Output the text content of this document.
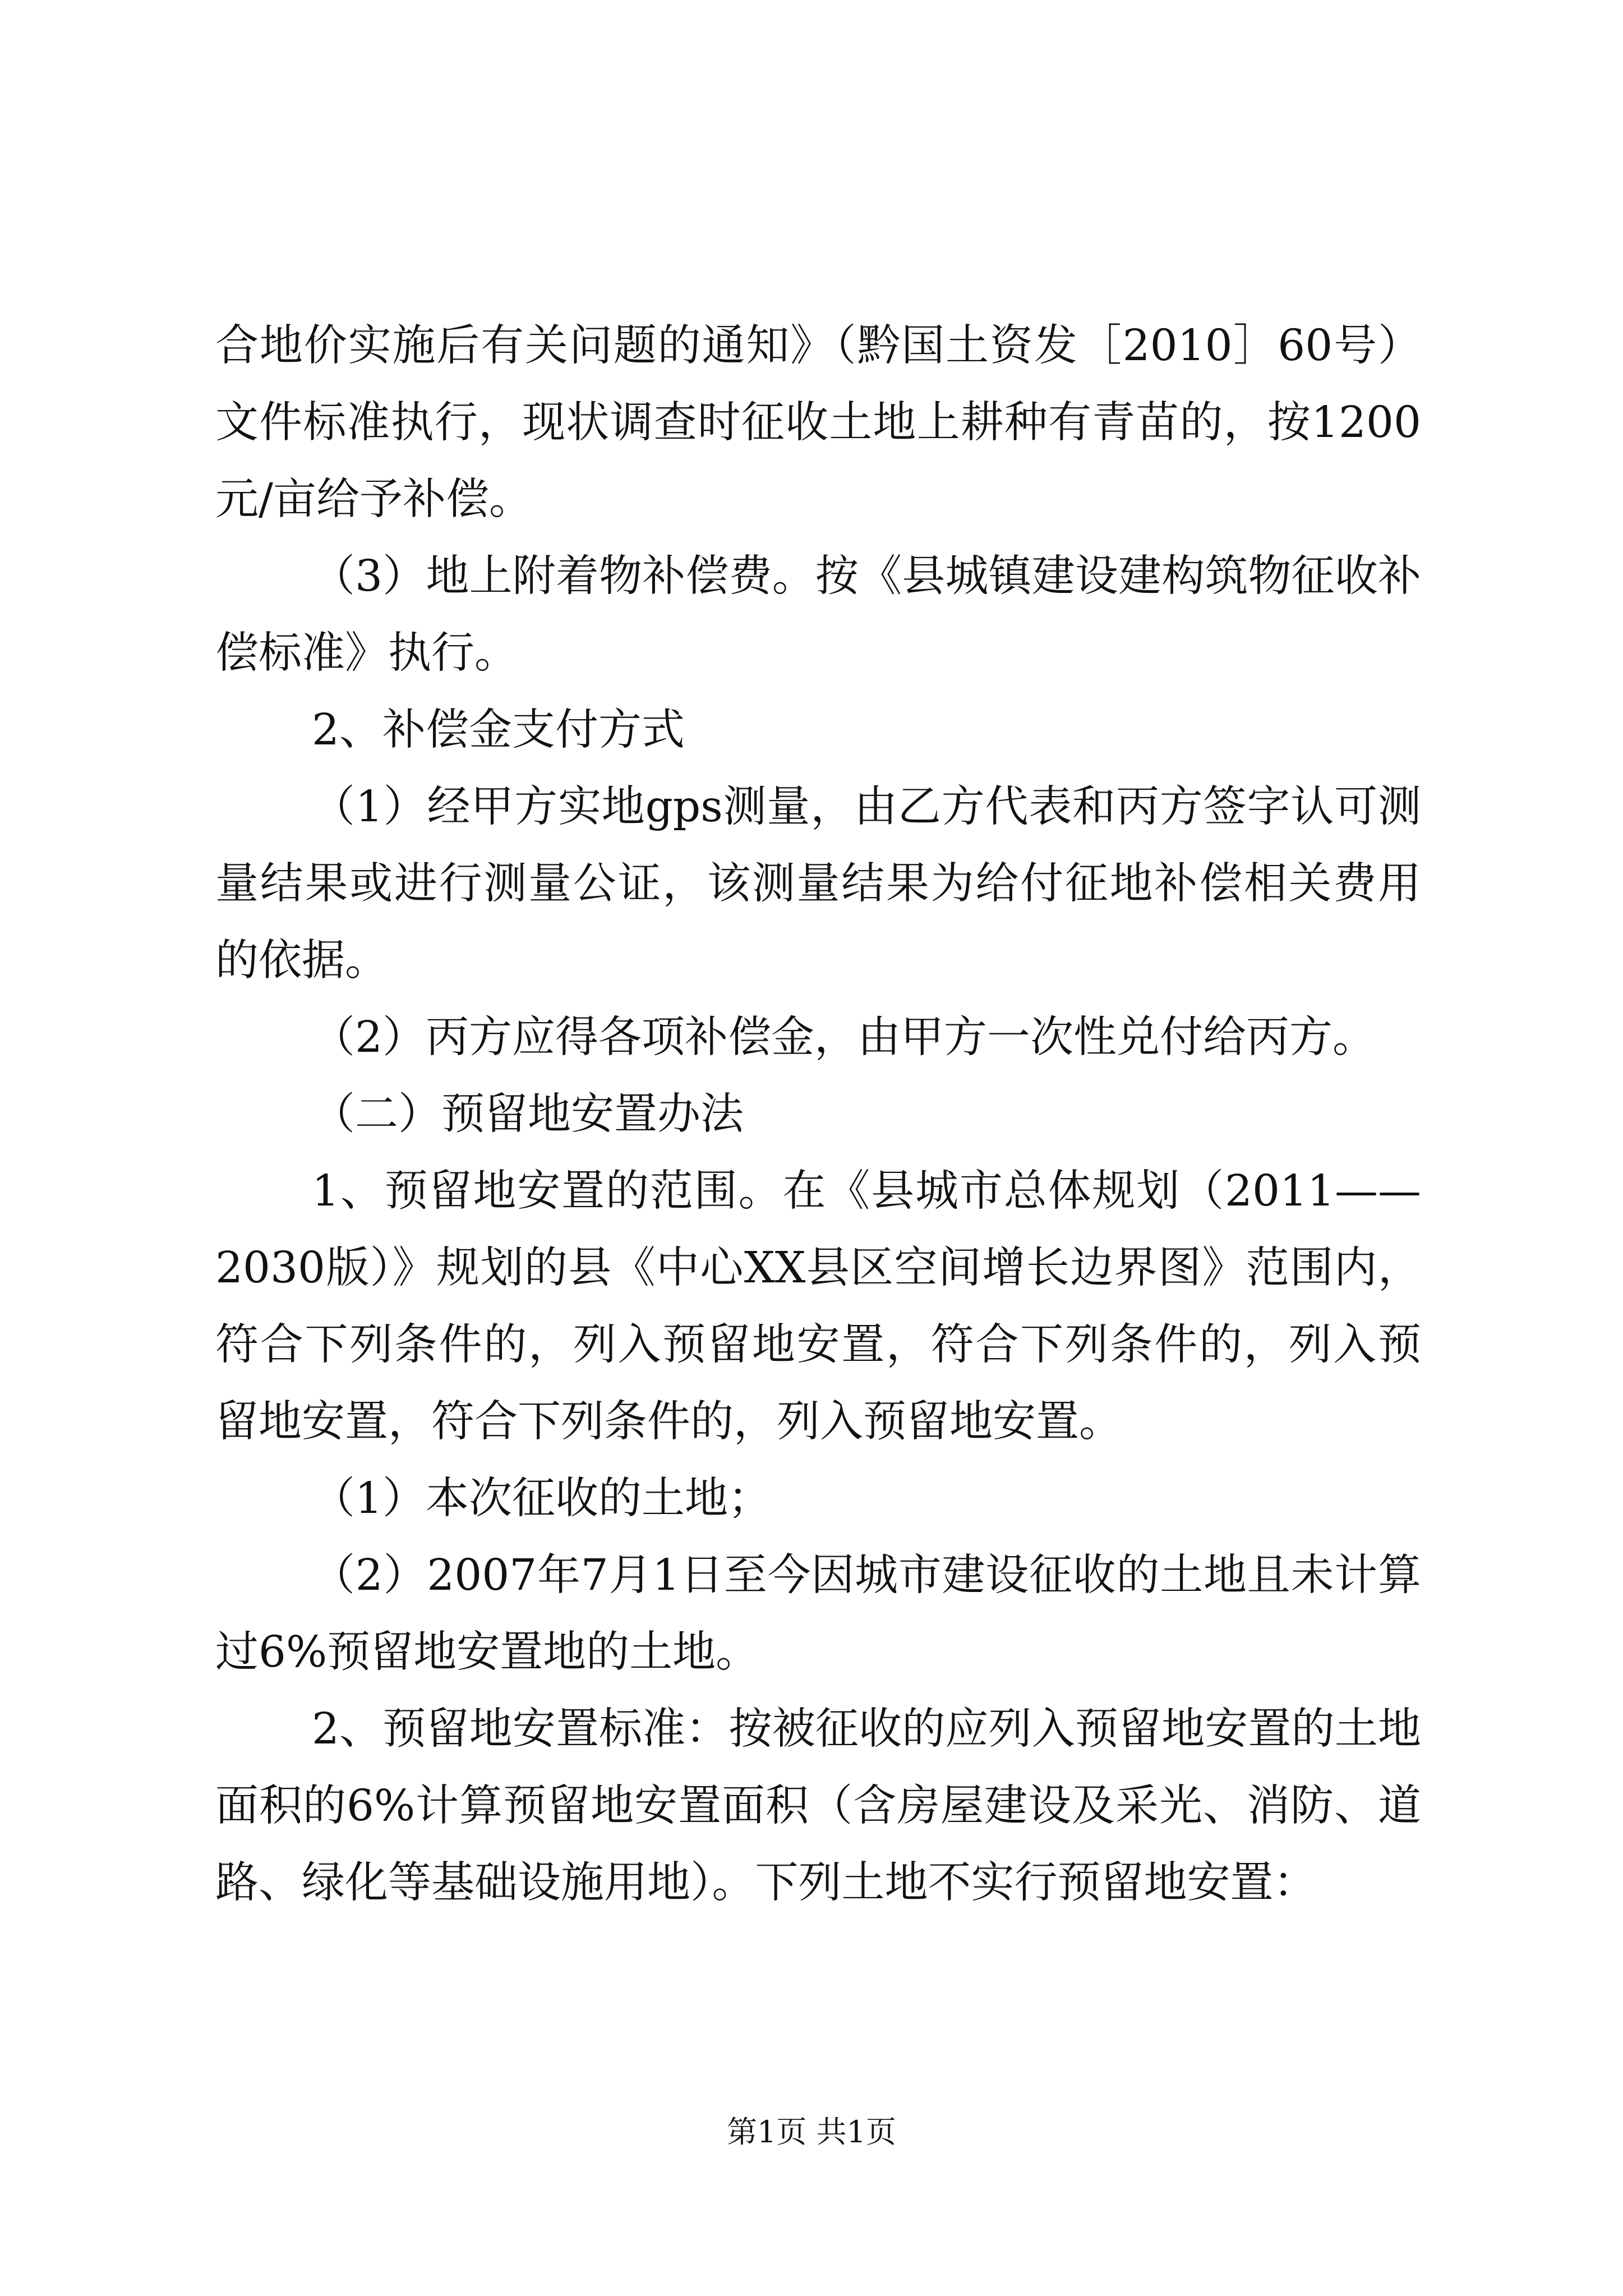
合地价实施后有关问题的通知》（黔国土资发［2010］60号）文件标准执行，现状调查时征收土地上耕种有青苗的，按1200元/亩给予补偿。

（3）地上附着物补偿费。按《县城镇建设建构筑物征收补偿标准》执行。

2、补偿金支付方式

（1）经甲方实地gps测量，由乙方代表和丙方签字认可测量结果或进行测量公证，该测量结果为给付征地补偿相关费用的依据。

（2）丙方应得各项补偿金，由甲方一次性兑付给丙方。

（二）预留地安置办法

1、预留地安置的范围。在《县城市总体规划（2011——2030版）》规划的县《中心XX县区空间增长边界图》范围内，符合下列条件的，列入预留地安置，符合下列条件的，列入预留地安置，符合下列条件的，列入预留地安置。

（1）本次征收的土地；

（2）2007年7月1日至今因城市建设征收的土地且未计算过6%预留地安置地的土地。

2、预留地安置标准：按被征收的应列入预留地安置的土地面积的6%计算预留地安置面积（含房屋建设及采光、消防、道路、绿化等基础设施用地）。下列土地不实行预留地安置：

第1页 共1页
